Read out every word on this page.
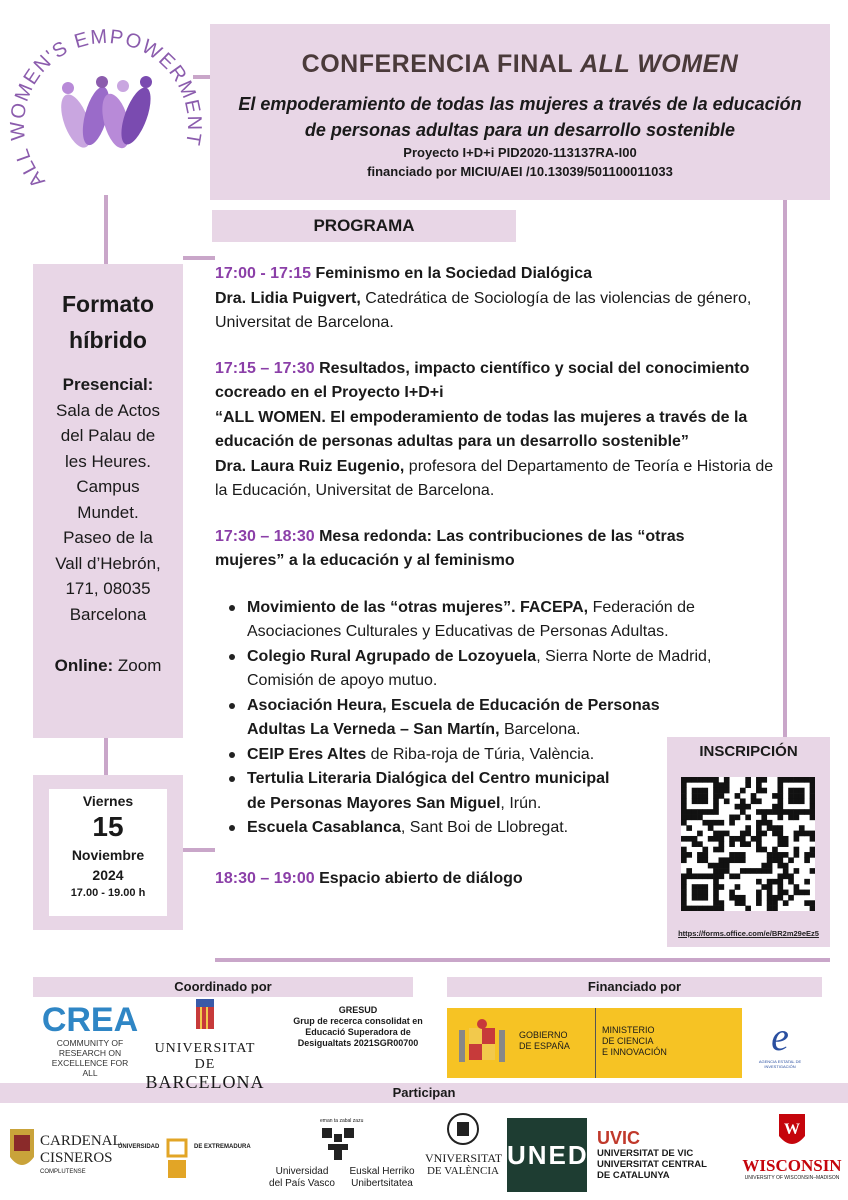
ALL WOMEN'S EMPOWERMENT
CONFERENCIA FINAL ALL WOMEN
El empoderamiento de todas las mujeres a través de la educación de personas adultas para un desarrollo sostenible
Proyecto I+D+i PID2020-113137RA-I00
financiado por MICIU/AEI /10.13039/501100011033
PROGRAMA
Formato
híbrido
Presencial:
Sala de Actos
del Palau de
les Heures.
Campus
Mundet.
Paseo de la
Vall d’Hebrón,
171, 08035
Barcelona
Online: Zoom
Viernes
15
Noviembre
2024
17.00 - 19.00 h
17:00 - 17:15 Feminismo en la Sociedad Dialógica
Dra. Lidia Puigvert, Catedrática de Sociología de las violencias de género, Universitat de Barcelona.
17:15 – 17:30 Resultados, impacto científico y social del conocimiento cocreado en el Proyecto I+D+i
“ALL WOMEN. El empoderamiento de todas las mujeres a través de la educación de personas adultas para un desarrollo sostenible”
Dra. Laura Ruiz Eugenio, profesora del Departamento de Teoría e Historia de la Educación, Universitat de Barcelona.
17:30 – 18:30 Mesa redonda: Las contribuciones de las “otras mujeres” a la educación y al feminismo
Movimiento de las “otras mujeres”. FACEPA, Federación de Asociaciones Culturales y Educativas de Personas Adultas.
Colegio Rural Agrupado de Lozoyuela, Sierra Norte de Madrid, Comisión de apoyo mutuo.
Asociación Heura, Escuela de Educación de Personas Adultas La Verneda – San Martín, Barcelona.
CEIP Eres Altes de Riba-roja de Túria, València.
Tertulia Literaria Dialógica del Centro municipal de Personas Mayores San Miguel, Irún.
Escuela Casablanca, Sant Boi de Llobregat.
18:30 – 19:00 Espacio abierto de diálogo
INSCRIPCIÓN
https://forms.office.com/e/BR2m29eEz5
Coordinado por	Financiado por
Participan
CREA
COMMUNITY OF RESEARCH ON EXCELLENCE FOR ALL
UNIVERSITAT DE
BARCELONA
GRESUD
Grup de recerca consolidat en Educació Superadora de Desigualtats 2021SGR00700
GOBIERNO
DE ESPAÑA
MINISTERIO
DE CIENCIA
E INNOVACIÓN	e
AGENCIA ESTATAL DE INVESTIGACIÓN
CARDENAL
CISNEROS
COMPLUTENSE
UNIVERSIDAD	DE EXTREMADURA
eman ta zabal zazu
Universidad
del País Vasco
Euskal Herriko
Unibertsitatea
VNIVERSITAT
DE VALÈNCIA
UNED
UVIC
UNIVERSITAT DE VIC
UNIVERSITAT CENTRAL
DE CATALUNYA
W
WISCONSIN
UNIVERSITY OF WISCONSIN–MADISON
